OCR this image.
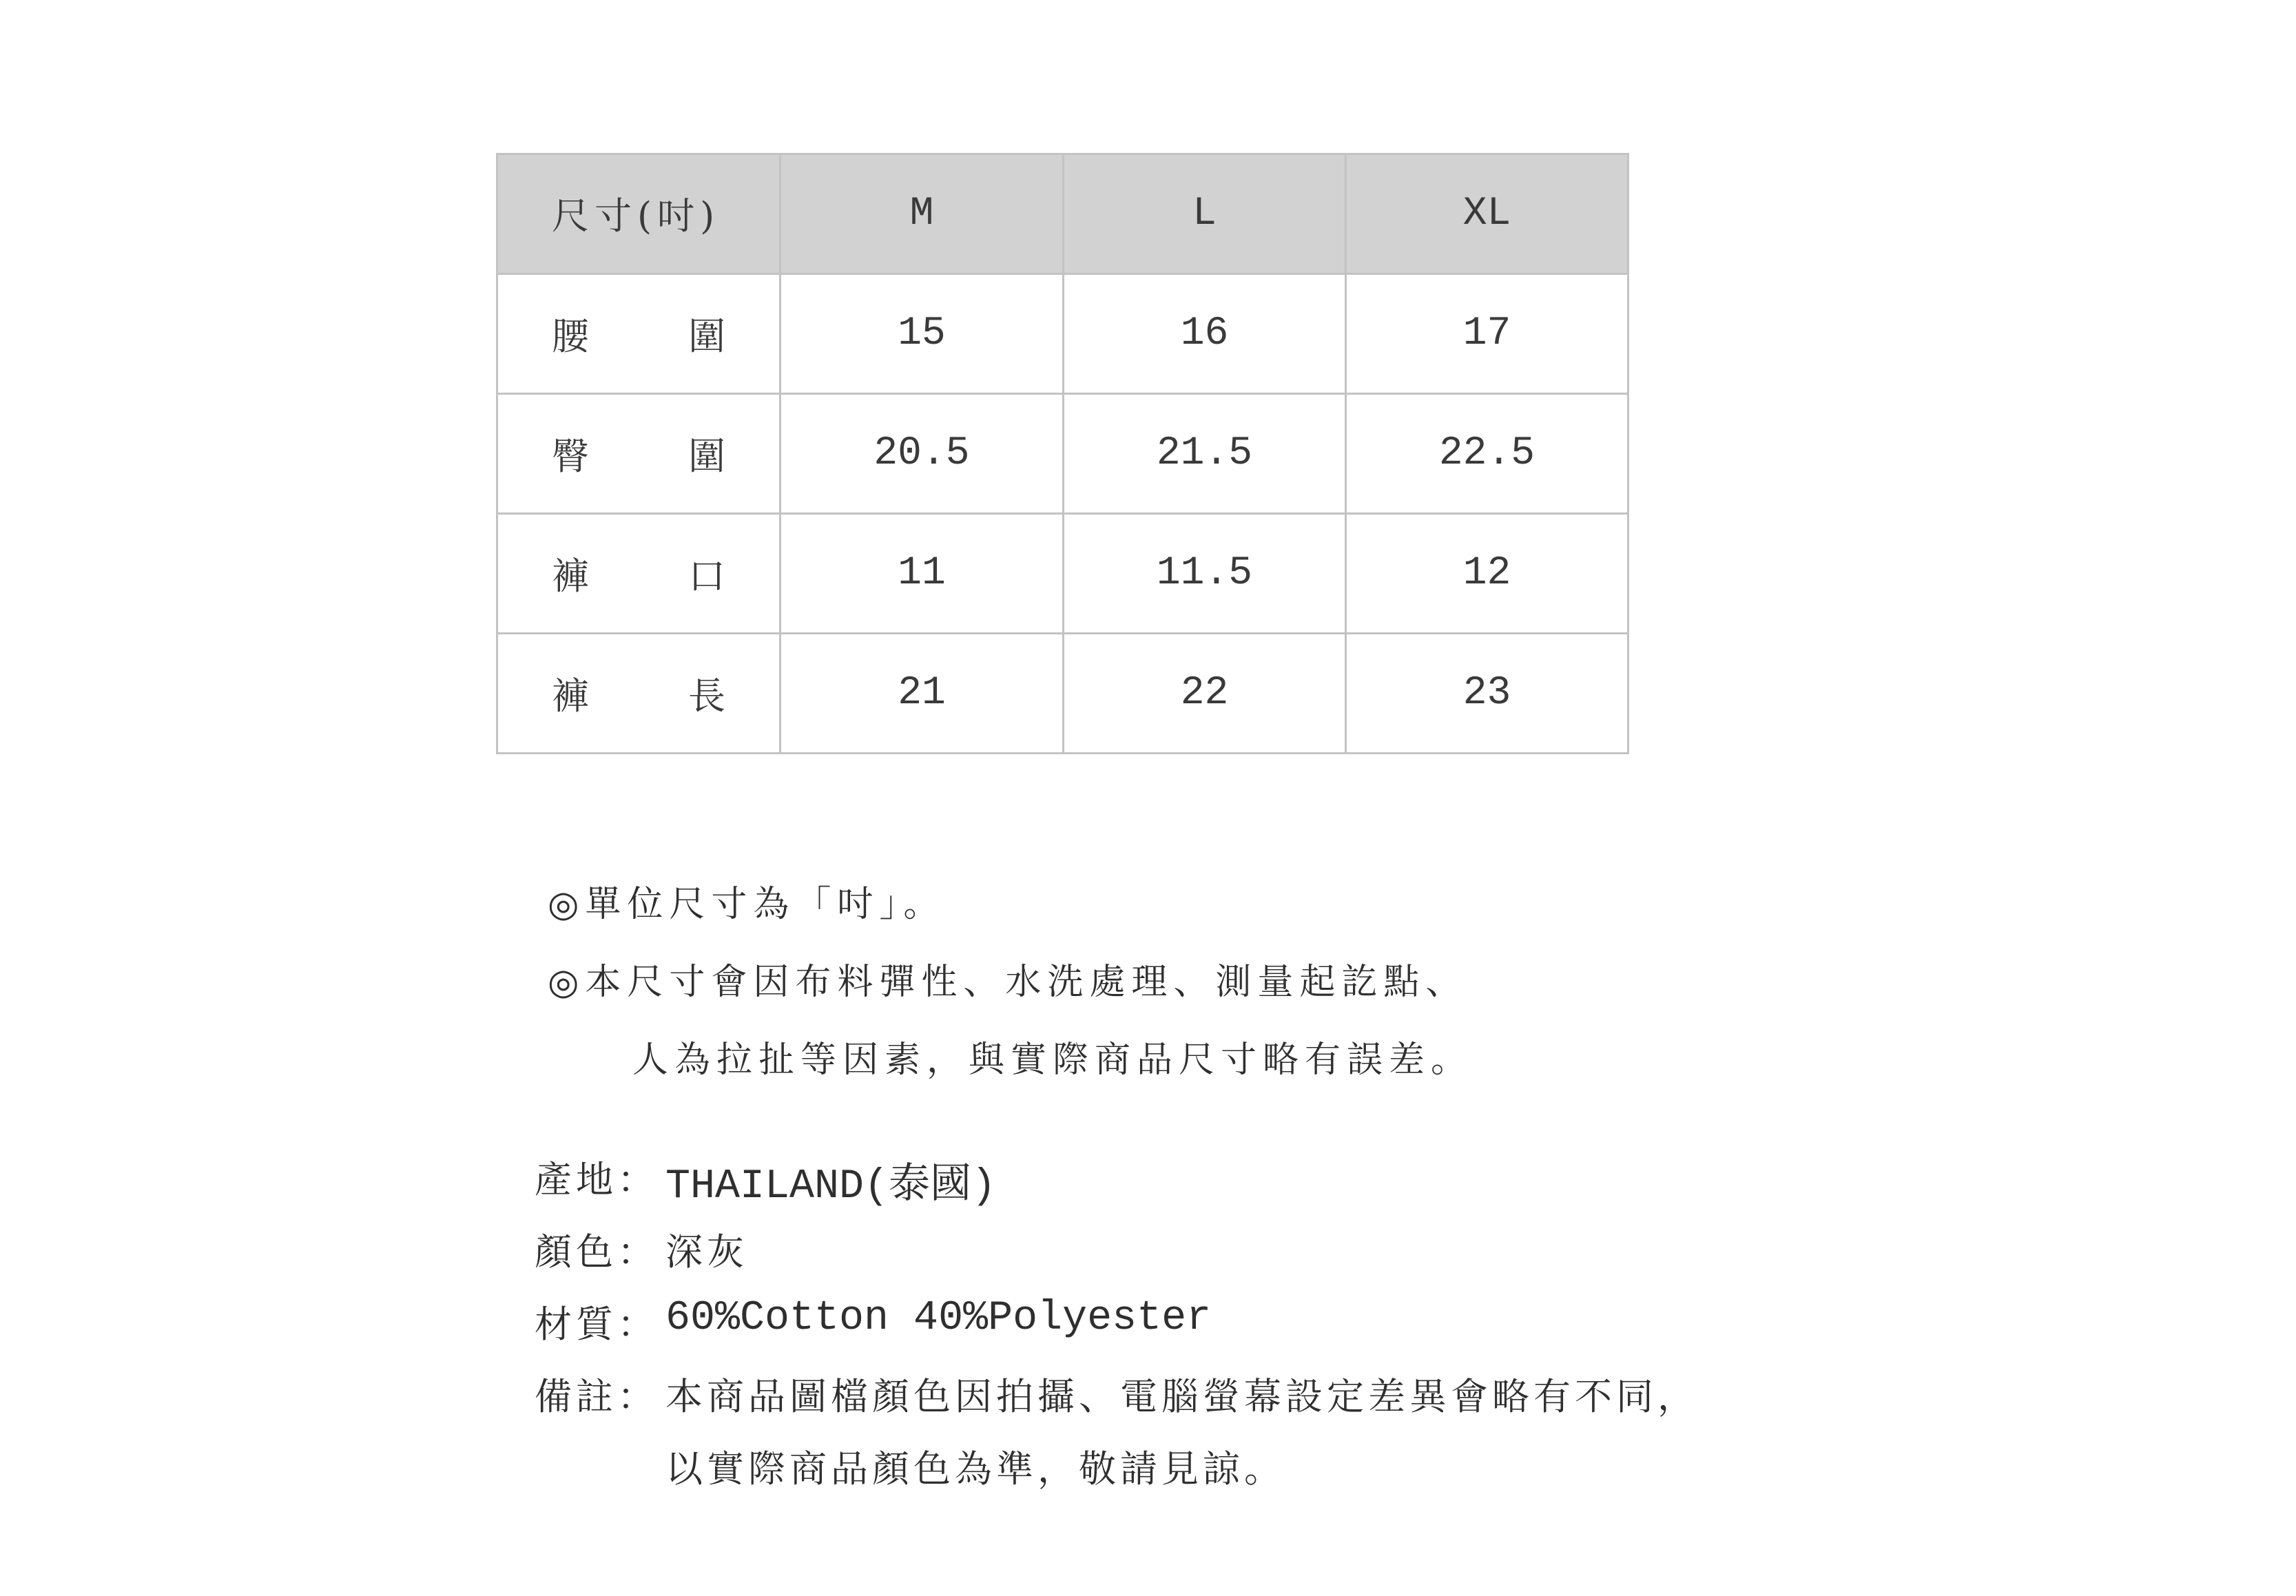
尺寸(吋)	M	L	XL

腰 圍	15	16	17

臀 圍	20.5	21.5	22.5

褲 口	11	11.5	12

褲 長	21	22	23
◎單位尺寸為「吋」。
◎本尺寸會因布料彈性、水洗處理、測量起訖點、
人為拉扯等因素，與實際商品尺寸略有誤差。
產地： THAILAND(泰國)
顏色： 深灰
材質： 60%Cotton 40%Polyester
備註： 本商品圖檔顏色因拍攝、電腦螢幕設定差異會略有不同，
以實際商品顏色為準，敬請見諒。
